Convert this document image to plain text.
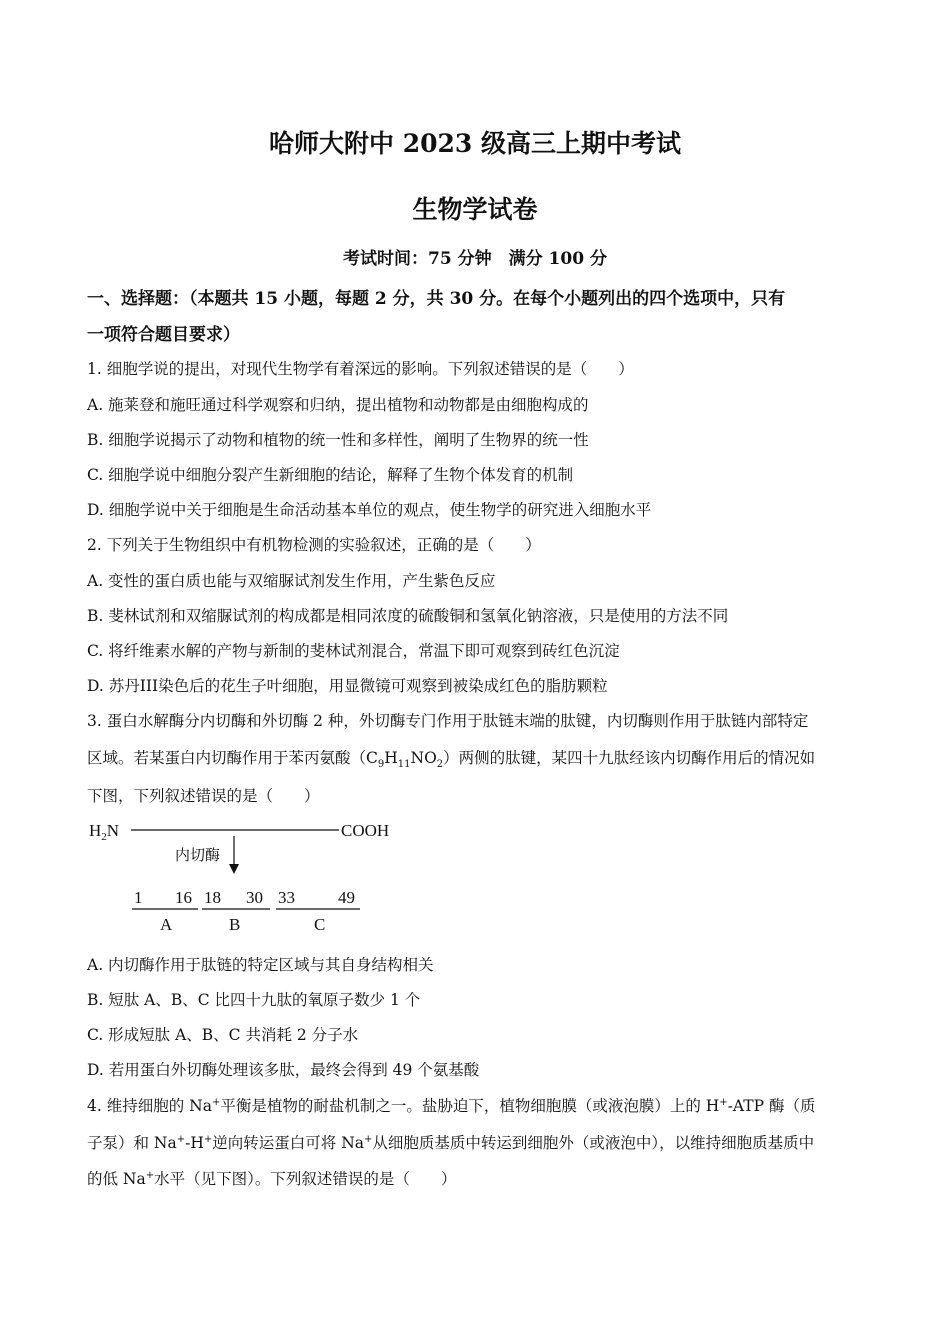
哈师大附中 2023 级高三上期中考试
生物学试卷
考试时间：75 分钟　满分 100 分
一、选择题：（本题共 15 小题，每题 2 分，共 30 分。在每个小题列出的四个选项中，只有
一项符合题目要求）
1. 细胞学说的提出，对现代生物学有着深远的影响。下列叙述错误的是（　　）
A. 施莱登和施旺通过科学观察和归纳，提出植物和动物都是由细胞构成的
B. 细胞学说揭示了动物和植物的统一性和多样性，阐明了生物界的统一性
C. 细胞学说中细胞分裂产生新细胞的结论，解释了生物个体发育的机制
D. 细胞学说中关于细胞是生命活动基本单位的观点，使生物学的研究进入细胞水平
2. 下列关于生物组织中有机物检测的实验叙述，正确的是（　　）
A. 变性的蛋白质也能与双缩脲试剂发生作用，产生紫色反应
B. 斐林试剂和双缩脲试剂的构成都是相同浓度的硫酸铜和氢氧化钠溶液，只是使用的方法不同
C. 将纤维素水解的产物与新制的斐林试剂混合，常温下即可观察到砖红色沉淀
D. 苏丹III染色后的花生子叶细胞，用显微镜可观察到被染成红色的脂肪颗粒
3. 蛋白水解酶分内切酶和外切酶 2 种，外切酶专门作用于肽链末端的肽键，内切酶则作用于肽链内部特定
区域。若某蛋白内切酶作用于苯丙氨酸$(C_9H_{11}NO_2)$两侧的肽键，某四十九肽经该内切酶作用后的情况如
下图，下列叙述错误的是（　　）
$H_2N$	COOH
内切酶
1 16 18 30 33	49
A	B	C
A. 内切酶作用于肽链的特定区域与其自身结构相关
B. 短肽 A、B、C 比四十九肽的氧原子数少 1 个
C. 形成短肽 A、B、C 共消耗 2 分子水
D. 若用蛋白外切酶处理该多肽，最终会得到 49 个氨基酸
4. 维持细胞的 Na+平衡是植物的耐盐机制之一。盐胁迫下，植物细胞膜（或液泡膜）上的 H+-ATP 酶（质
子泵）和 Na+-H+逆向转运蛋白可将 Na+从细胞质基质中转运到细胞外（或液泡中），以维持细胞质基质中
的低 Na+水平（见下图）。下列叙述错误的是（　　）
